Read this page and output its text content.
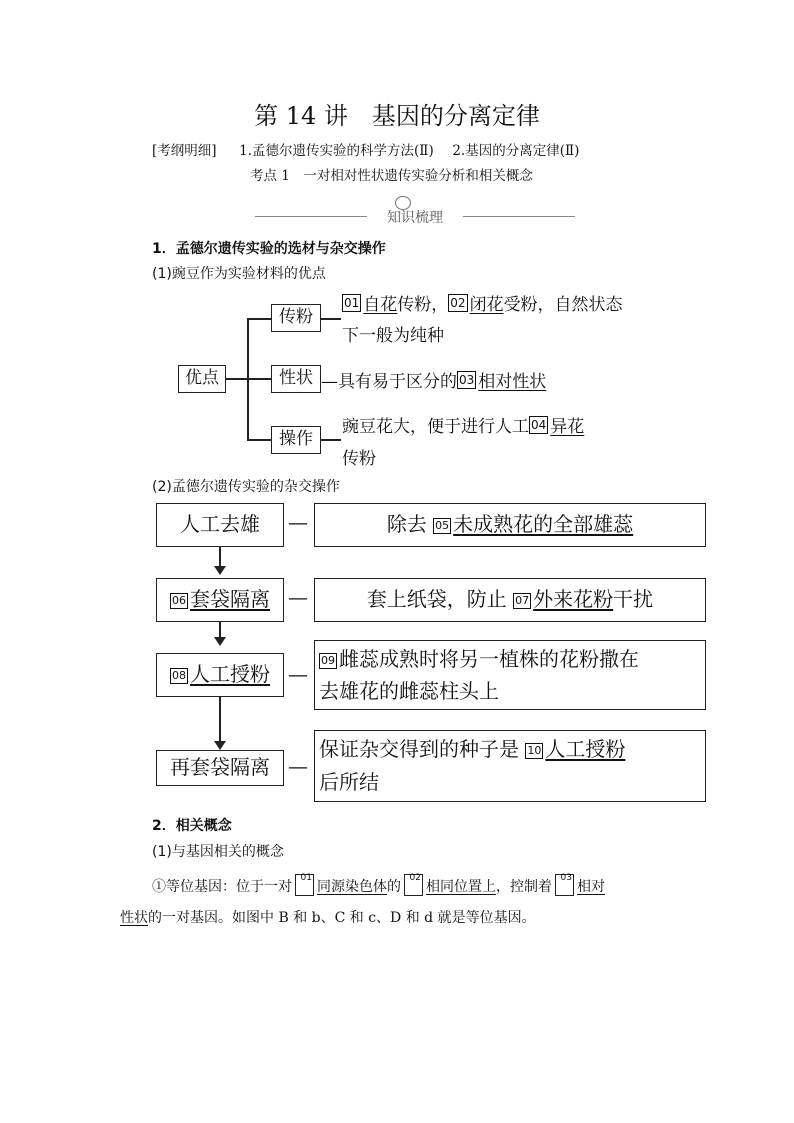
第 14 讲　基因的分离定律
[考纲明细] 1.孟德尔遗传实验的科学方法(Ⅱ) 2.基因的分离定律(Ⅱ)
考点 1　一对相对性状遗传实验分析和相关概念
知识梳理
1．孟德尔遗传实验的选材与杂交操作
(1)豌豆作为实验材料的优点
优点
传粉
性状
操作
01 自花传粉， 02 闭花受粉，自然状态
下一般为纯种
—具有易于区分的 03 相对性状
豌豆花大，便于进行人工 04 异花
传粉
(2)孟德尔遗传实验的杂交操作
人工去雄	—	除去 05 未成熟花的全部雄蕊
06 套袋隔离 —	套上纸袋，防止 07 外来花粉干扰
08 人工授粉 —
09 雌蕊成熟时将另一植株的花粉撒在
去雄花的雌蕊柱头上
再套袋隔离 —
保证杂交得到的种子是 10 人工授粉
后所结
2．相关概念
(1)与基因相关的概念
①等位基因：位于一对
01
同源染色体的
02
相同位置上，控制着
03
相对
性状的一对基因。如图中 B 和 b、C 和 c、D 和 d 就是等位基因。
